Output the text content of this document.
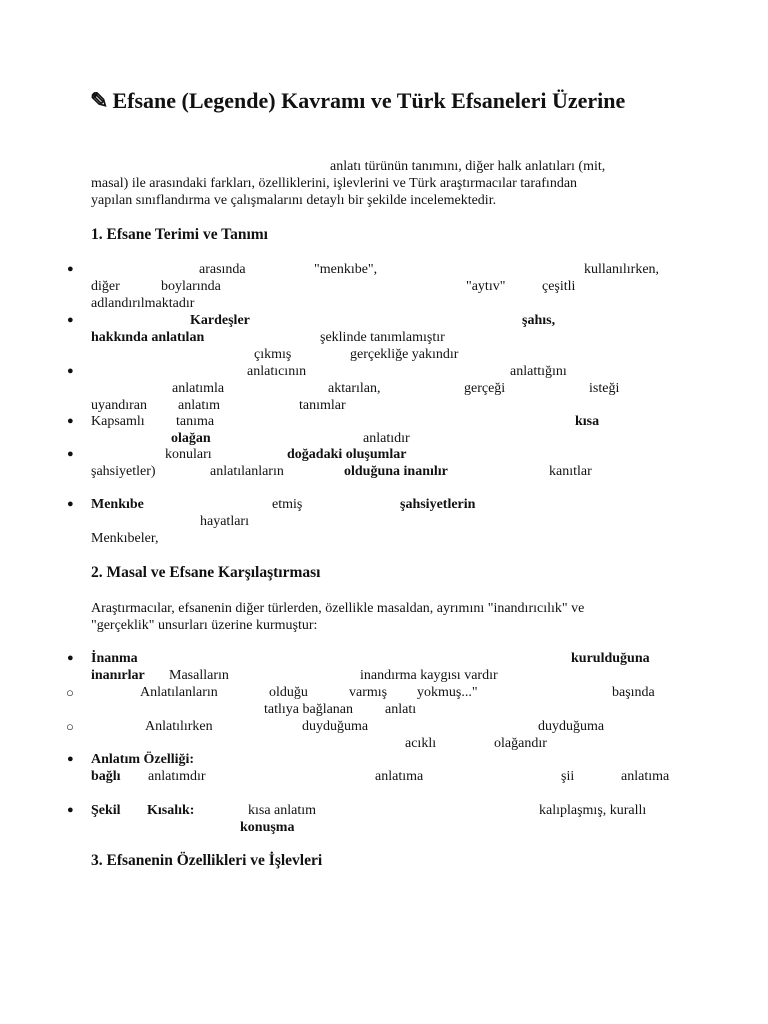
✎ Efsane (Legende) Kavramı ve Türk Efsaneleri Üzerine
anlatı türünün tanımını, diğer halk anlatıları (mit,
masal) ile arasındaki farkları, özelliklerini, işlevlerini ve Türk araştırmacılar tarafından
yapılan sınıflandırma ve çalışmalarını detaylı bir şekilde incelemektedir.
1. Efsane Terimi ve Tanımı
●	arasında	"menkıbe",	kullanılırken,
diğer	boylarında	"aytıv"	çeşitli
adlandırılmaktadır
●	Kardeşler	şahıs,
hakkında anlatılan	şeklinde tanımlamıştır
çıkmış	gerçekliğe yakındır
●	anlatıcının	anlattığını
anlatımla	aktarılan,	gerçeği	isteği
uyandıran anlatım	tanımlar
● Kapsamlı tanıma	kısa
olağan	anlatıdır
●	konuları	doğadaki oluşumlar
şahsiyetler)	anlatılanların	olduğuna inanılır	kanıtlar
● Menkıbe	etmiş	şahsiyetlerin
hayatları
Menkıbeler,
2. Masal ve Efsane Karşılaştırması
Araştırmacılar, efsanenin diğer türlerden, özellikle masaldan, ayrımını "inandırıcılık" ve
"gerçeklik" unsurları üzerine kurmuştur:
● İnanma	kurulduğuna
inanırlar Masalların	inandırma kaygısı vardır
○	Anlatılanların	olduğu	varmış yokmuş..."	başında
tatlıya bağlanan anlatı
○	Anlatılırken	duyduğuma	duyduğuma
acıklı	olağandır
● Anlatım Özelliği:
bağlı anlatımdır	anlatıma	şii	anlatıma
● Şekil Kısalık:	kısa anlatım	kalıplaşmış, kurallı
konuşma
3. Efsanenin Özellikleri ve İşlevleri
